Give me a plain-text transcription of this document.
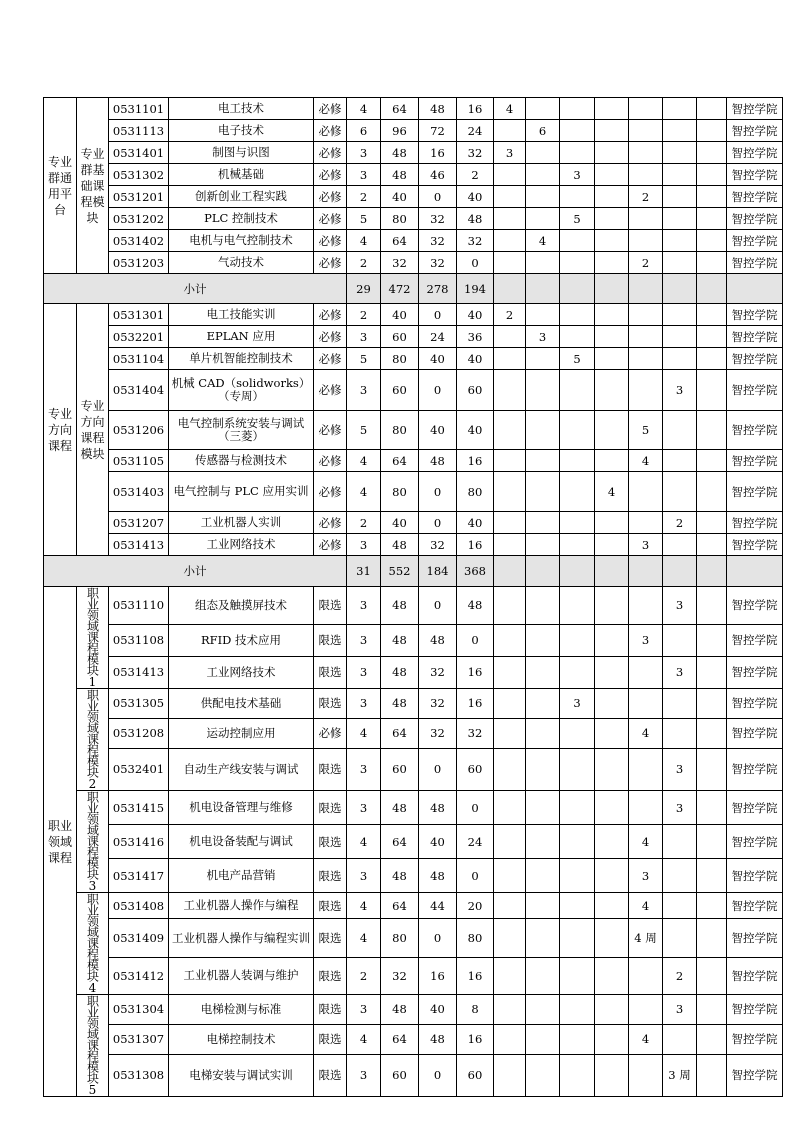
专业群通用平台	专业群基础课程模块	0531101	电工技术	必修	4	64	48	16	4							智控学院
		0531113	电子技术	必修	6	96	72	24		6						智控学院
		0531401	制图与识图	必修	3	48	16	32	3							智控学院
		0531302	机械基础	必修	3	48	46	2			3					智控学院
		0531201	创新创业工程实践	必修	2	40	0	40					2			智控学院
		0531202	PLC 控制技术	必修	5	80	32	48			5					智控学院
		0531402	电机与电气控制技术	必修	4	64	32	32		4						智控学院
		0531203	气动技术	必修	2	32	32	0					2			智控学院
小计					29	472	278	194								
专业方向课程	专业方向课程模块	0531301	电工技能实训	必修	2	40	0	40	2							智控学院
		0532201	EPLAN 应用	必修	3	60	24	36		3						智控学院
		0531104	单片机智能控制技术	必修	5	80	40	40			5					智控学院
		0531404	机械 CAD（solidworks）（专周）	必修	3	60	0	60						3		智控学院
		0531206	电气控制系统安装与调试（三菱）	必修	5	80	40	40					5			智控学院
		0531105	传感器与检测技术	必修	4	64	48	16					4			智控学院
		0531403	电气控制与 PLC 应用实训	必修	4	80	0	80				4				智控学院
		0531207	工业机器人实训	必修	2	40	0	40						2		智控学院
		0531413	工业网络技术	必修	3	48	32	16					3			智控学院
小计					31	552	184	368								
职业领域课程	职业领域课程模块1	0531110	组态及触摸屏技术	限选	3	48	0	48						3		智控学院
		0531108	RFID 技术应用	限选	3	48	48	0					3			智控学院
		0531413	工业网络技术	限选	3	48	32	16						3		智控学院
	职业领域课程模块2	0531305	供配电技术基础	限选	3	48	32	16			3					智控学院
		0531208	运动控制应用	必修	4	64	32	32					4			智控学院
		0532401	自动生产线安装与调试	限选	3	60	0	60						3		智控学院
	职业领域课程模块3	0531415	机电设备管理与维修	限选	3	48	48	0						3		智控学院
		0531416	机电设备装配与调试	限选	4	64	40	24					4			智控学院
		0531417	机电产品营销	限选	3	48	48	0					3			智控学院
	职业领域课程模块4	0531408	工业机器人操作与编程	限选	4	64	44	20					4			智控学院
		0531409	工业机器人操作与编程实训	限选	4	80	0	80					4 周			智控学院
		0531412	工业机器人装调与维护	限选	2	32	16	16						2		智控学院
	职业领域课程模块5	0531304	电梯检测与标准	限选	3	48	40	8						3		智控学院
		0531307	电梯控制技术	限选	4	64	48	16					4			智控学院
		0531308	电梯安装与调试实训	限选	3	60	0	60						3 周		智控学院
